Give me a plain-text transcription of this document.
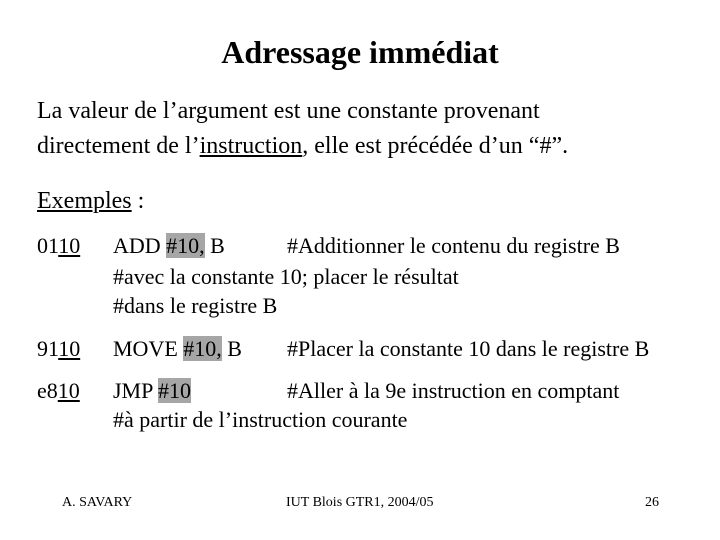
Adressage immédiat
La valeur de l’argument est une constante provenant
directement de l’instruction, elle est précédée d’un “#”.
Exemples :
0110 ADD #10, B	#Additionner le contenu du registre B
#avec la constante 10; placer le résultat
#dans le registre B
9110 MOVE #10, B #Placer la constante 10 dans le registre B
e810 JMP #10	#Aller à la 9e instruction en comptant
#à partir de l’instruction courante
A. SAVARY	IUT Blois GTR1, 2004/05	26
